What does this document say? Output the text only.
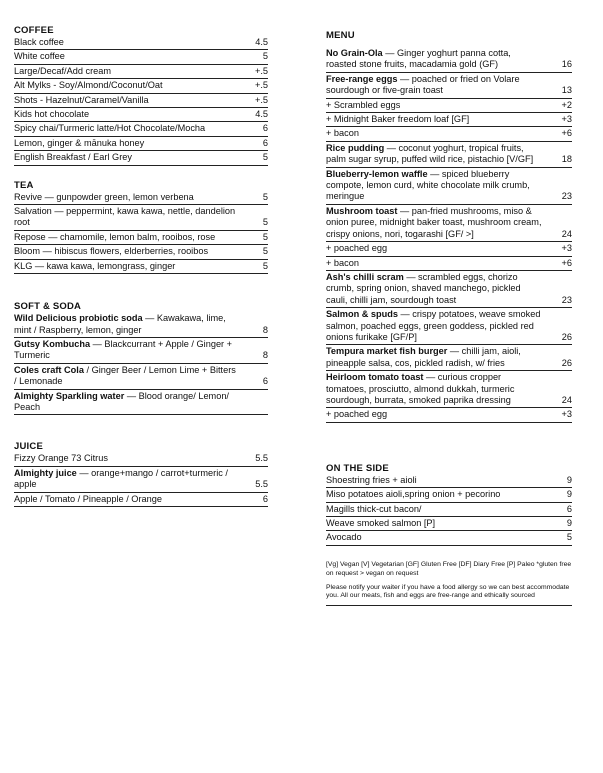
COFFEE
Black coffee	4.5
White coffee	5
Large/Decaf/Add cream	+.5
Alt Mylks - Soy/Almond/Coconut/Oat	+.5
Shots - Hazelnut/Caramel/Vanilla	+.5
Kids hot chocolate	4.5
Spicy chai/Turmeric latte/Hot Chocolate/Mocha	6
Lemon, ginger & mānuka honey	6
English Breakfast / Earl Grey	5
TEA
Revive — gunpowder green, lemon verbena	5
Salvation — peppermint, kawa kawa, nettle, dandelion root	5
Repose — chamomile, lemon balm, rooibos, rose	5
Bloom — hibiscus flowers, elderberries, rooibos	5
KLG — kawa kawa, lemongrass, ginger	5
SOFT & SODA
Wild Delicious probiotic soda — Kawakawa, lime, mint / Raspberry, lemon, ginger	8
Gutsy Kombucha — Blackcurrant + Apple / Ginger + Turmeric	8
Coles craft Cola / Ginger Beer / Lemon Lime + Bitters / Lemonade	6
Almighty Sparkling water — Blood orange/ Lemon/ Peach
JUICE
Fizzy Orange 73 Citrus	5.5
Almighty juice — orange+mango / carrot+turmeric / apple	5.5
Apple / Tomato / Pineapple / Orange	6
MENU
No Grain-Ola — Ginger yoghurt panna cotta, roasted stone fruits, macadamia gold (GF)	16
Free-range eggs — poached or fried on Volare sourdough or five-grain toast	13
+ Scrambled eggs	+2
+ Midnight Baker freedom loaf [GF]	+3
+ bacon	+6
Rice pudding — coconut yoghurt, tropical fruits, palm sugar syrup, puffed wild rice, pistachio [V/GF]	18
Blueberry-lemon waffle — spiced blueberry compote, lemon curd, white chocolate milk crumb, meringue	23
Mushroom toast — pan-fried mushrooms, miso & onion puree, midnight baker toast, mushroom cream, crispy onions, nori, togarashi [GF/ >]	24
+ poached egg	+3
+ bacon	+6
Ash's chilli scram — scrambled eggs, chorizo crumb, spring onion, shaved manchego, pickled cauli, chilli jam, sourdough toast	23
Salmon & spuds — crispy potatoes, weave smoked salmon, poached eggs, green goddess, pickled red onions furikake [GF/P]	26
Tempura market fish burger — chilli jam, aioli, pineapple salsa, cos, pickled radish, w/ fries	26
Heirloom tomato toast — curious cropper tomatoes, prosciutto, almond dukkah, turmeric sourdough, burrata, smoked paprika dressing	24
+ poached egg	+3
ON THE SIDE
Shoestring fries + aioli	9
Miso potatoes aioli,spring onion + pecorino	9
Magills thick-cut bacon/	6
Weave smoked salmon [P]	9
Avocado	5
[Vg] Vegan [V] Vegetarian [GF] Gluten Free [DF] Diary Free [P] Paleo *gluten free on request > vegan on request
Please notify your waiter if you have a food allergy so we can best accommodate you. All our meats, fish and eggs are free-range and ethically sourced
